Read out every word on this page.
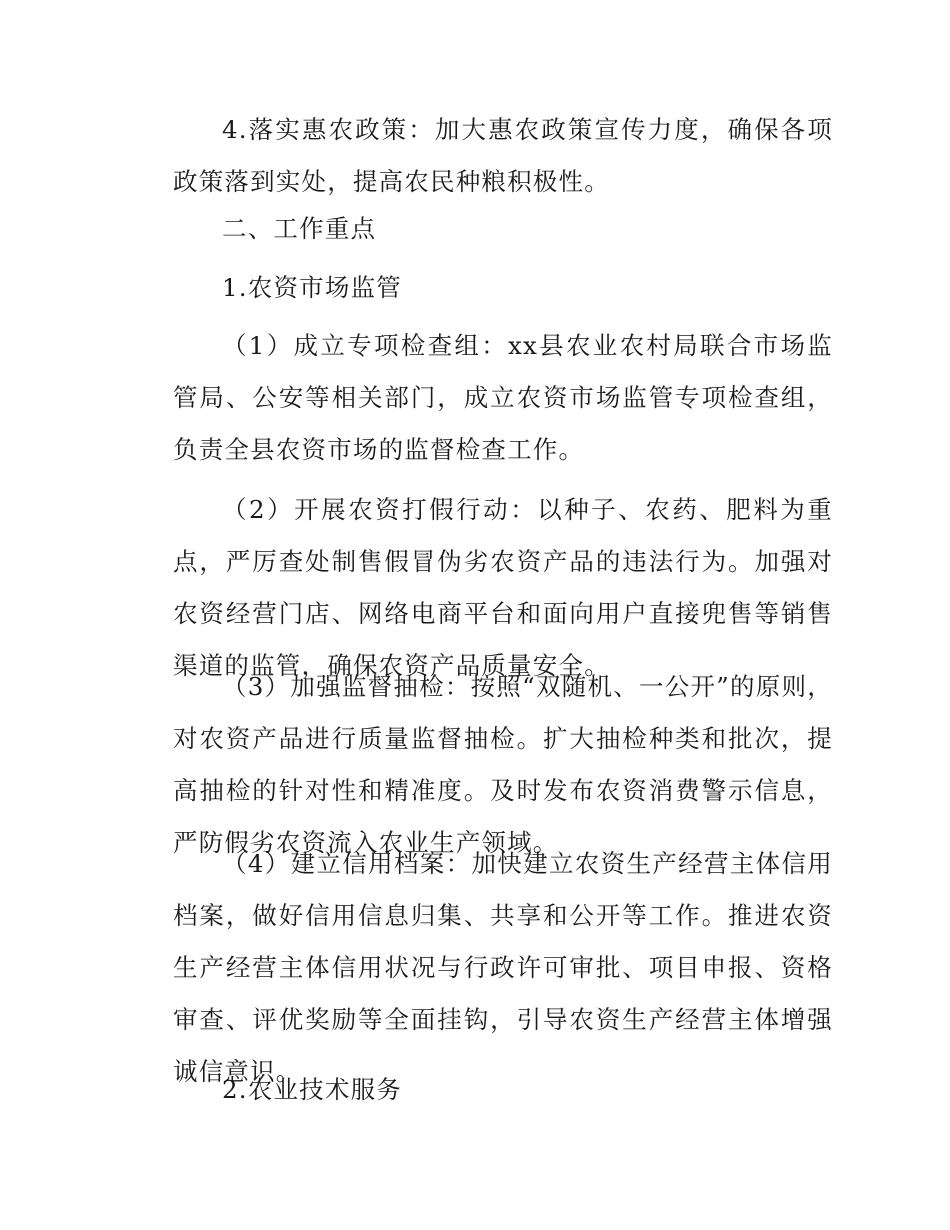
4.落实惠农政策：加大惠农政策宣传力度，确保各项政策落到实处，提高农民种粮积极性。

二、工作重点

1.农资市场监管

（1）成立专项检查组：xx县农业农村局联合市场监管局、公安等相关部门，成立农资市场监管专项检查组，负责全县农资市场的监督检查工作。

（2）开展农资打假行动：以种子、农药、肥料为重点，严厉查处制售假冒伪劣农资产品的违法行为。加强对农资经营门店、网络电商平台和面向用户直接兜售等销售渠道的监管，确保农资产品质量安全。

（3）加强监督抽检：按照“双随机、一公开”的原则，对农资产品进行质量监督抽检。扩大抽检种类和批次，提高抽检的针对性和精准度。及时发布农资消费警示信息，严防假劣农资流入农业生产领域。

（4）建立信用档案：加快建立农资生产经营主体信用档案，做好信用信息归集、共享和公开等工作。推进农资生产经营主体信用状况与行政许可审批、项目申报、资格审查、评优奖励等全面挂钩，引导农资生产经营主体增强诚信意识。

2.农业技术服务
